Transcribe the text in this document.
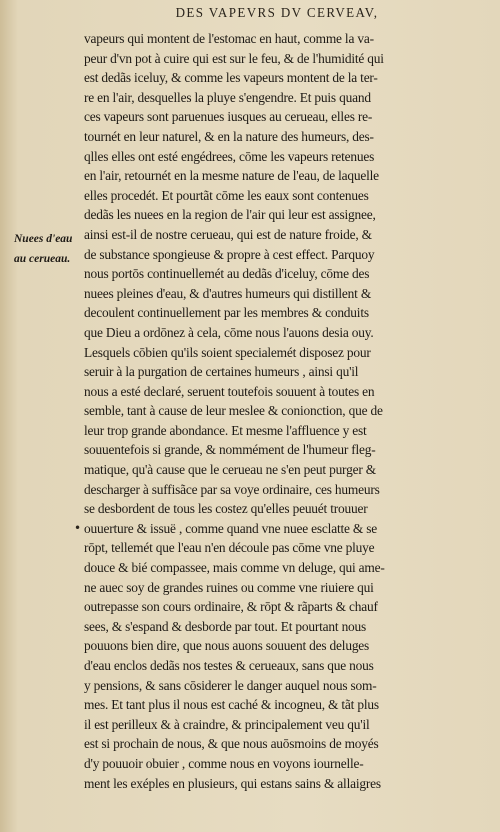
DES VAPEVRS DV CERVEAV,
Nuees d'eau
au cerueau.
•
vapeurs qui montent de l'estomac en haut, comme la va-
peur d'vn pot à cuire qui est sur le feu, & de l'humidité qui
est dedãs iceluy, & comme les vapeurs montent de la ter-
re en l'air, desquelles la pluye s'engendre. Et puis quand
ces vapeurs sont paruenues iusques au cerueau, elles re-
tournét en leur naturel, & en la nature des humeurs, des-
qlles elles ont esté engédrees, cōme les vapeurs retenues
en l'air, retournét en la mesme nature de l'eau, de laquelle
elles procedét. Et pourtãt cōme les eaux sont contenues
dedãs les nuees en la region de l'air qui leur est assignee,
ainsi est-il de nostre cerueau, qui est de nature froide, &
de substance spongieuse & propre à cest effect. Parquoy
nous portōs continuellemét au dedãs d'iceluy, cōme des
nuees pleines d'eau, & d'autres humeurs qui distillent &
decoulent continuellement par les membres & conduits
que Dieu a ordōnez à cela, cōme nous l'auons desia ouy.
Lesquels cōbien qu'ils soient specialemét disposez pour
seruir à la purgation de certaines humeurs , ainsi qu'il
nous a esté declaré, seruent toutefois souuent à toutes en
semble, tant à cause de leur meslee & conionction, que de
leur trop grande abondance. Et mesme l'affluence y est
souuentefois si grande, & nommément de l'humeur fleg-
matique, qu'à cause que le cerueau ne s'en peut purger &
descharger à suffisãce par sa voye ordinaire, ces humeurs
se desbordent de tous les costez qu'elles peuuét trouuer
ouuerture & issuë , comme quand vne nuee esclatte & se
rōpt, tellemét que l'eau n'en découle pas cōme vne pluye
douce & bié compassee, mais comme vn deluge, qui ame-
ne auec soy de grandes ruines ou comme vne riuiere qui
outrepasse son cours ordinaire, & rōpt & rãparts & chauf
sees, & s'espand & desborde par tout. Et pourtant nous
pouuons bien dire, que nous auons souuent des deluges
d'eau enclos dedãs nos testes & cerueaux, sans que nous
y pensions, & sans cōsiderer le danger auquel nous som-
mes. Et tant plus il nous est caché & incogneu, & tãt plus
il est perilleux & à craindre, & principalement veu qu'il
est si prochain de nous, & que nous auōsmoins de moyés
d'y pouuoir obuier , comme nous en voyons iournelle-
ment les exéples en plusieurs, qui estans sains & allaigres
